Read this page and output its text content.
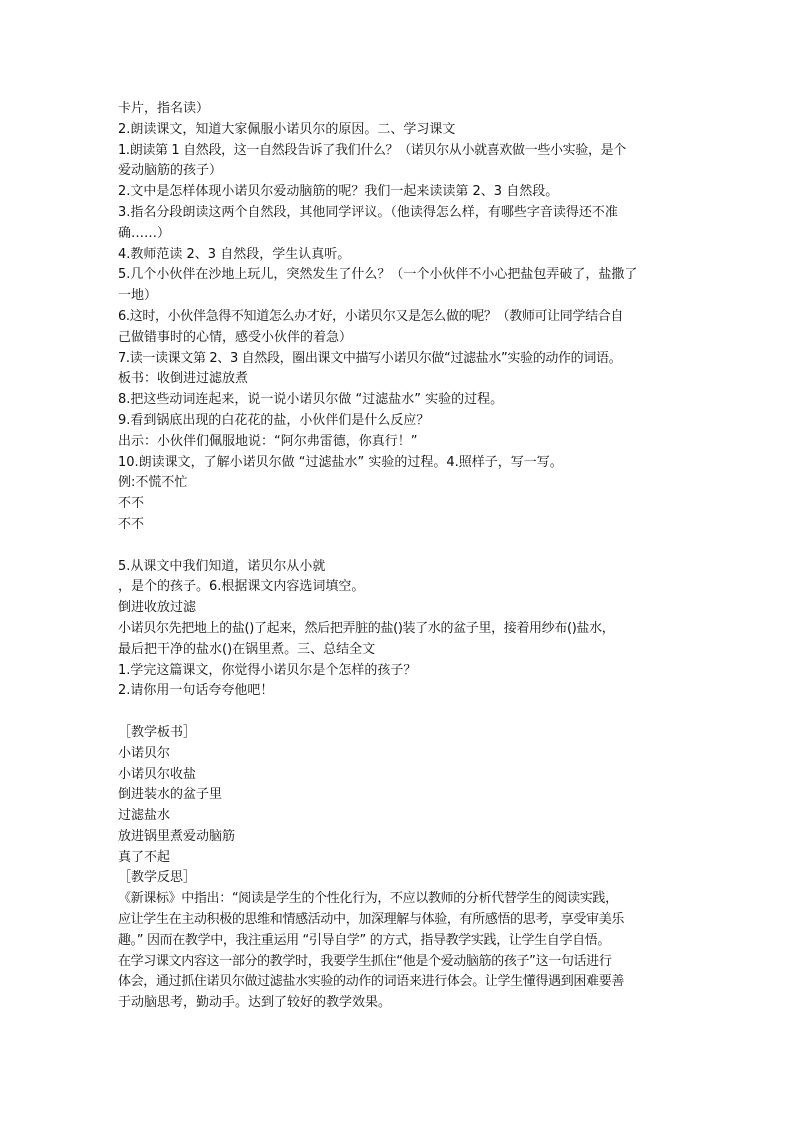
卡片，指名读）
2.朗读课文，知道大家佩服小诺贝尔的原因。二、学习课文
1.朗读第 1 自然段，这一自然段告诉了我们什么？（诺贝尔从小就喜欢做一些小实验，是个
爱动脑筋的孩子）
2.文中是怎样体现小诺贝尔爱动脑筋的呢？我们一起来读读第 2、3 自然段。
3.指名分段朗读这两个自然段，其他同学评议。（他读得怎么样，有哪些字音读得还不准
确……）
4.教师范读 2、3 自然段，学生认真听。
5.几个小伙伴在沙地上玩儿，突然发生了什么？（一个小伙伴不小心把盐包弄破了，盐撒了
一地）
6.这时，小伙伴急得不知道怎么办才好，小诺贝尔又是怎么做的呢？（教师可让同学结合自
己做错事时的心情，感受小伙伴的着急）
7.读一读课文第 2、3 自然段，圈出课文中描写小诺贝尔做“过滤盐水”实验的动作的词语。
板书：收倒进过滤放煮
8.把这些动词连起来，说一说小诺贝尔做 “过滤盐水” 实验的过程。
9.看到锅底出现的白花花的盐，小伙伴们是什么反应？
出示：小伙伴们佩服地说：“阿尔弗雷德，你真行！”
10.朗读课文，了解小诺贝尔做 “过滤盐水” 实验的过程。4.照样子，写一写。
例:不慌不忙
不不
不不
5.从课文中我们知道，诺贝尔从小就
，是个的孩子。6.根据课文内容选词填空。
倒进收放过滤
小诺贝尔先把地上的盐()了起来，然后把弄脏的盐()装了水的盆子里，接着用纱布()盐水，
最后把干净的盐水()在锅里煮。三、总结全文
1.学完这篇课文，你觉得小诺贝尔是个怎样的孩子？
2.请你用一句话夸夸他吧！
［教学板书］
小诺贝尔
小诺贝尔收盐
倒进装水的盆子里
过滤盐水
放进锅里煮爱动脑筋
真了不起
［教学反思］
《新课标》中指出：“阅读是学生的个性化行为，不应以教师的分析代替学生的阅读实践，
应让学生在主动积极的思维和情感活动中，加深理解与体验，有所感悟的思考，享受审美乐
趣。” 因而在教学中，我注重运用 “引导自学” 的方式，指导教学实践，让学生自学自悟。
在学习课文内容这一部分的教学时，我要学生抓住“他是个爱动脑筋的孩子”这一句话进行
体会，通过抓住诺贝尔做过滤盐水实验的动作的词语来进行体会。让学生懂得遇到困难要善
于动脑思考，勤动手。达到了较好的教学效果。
